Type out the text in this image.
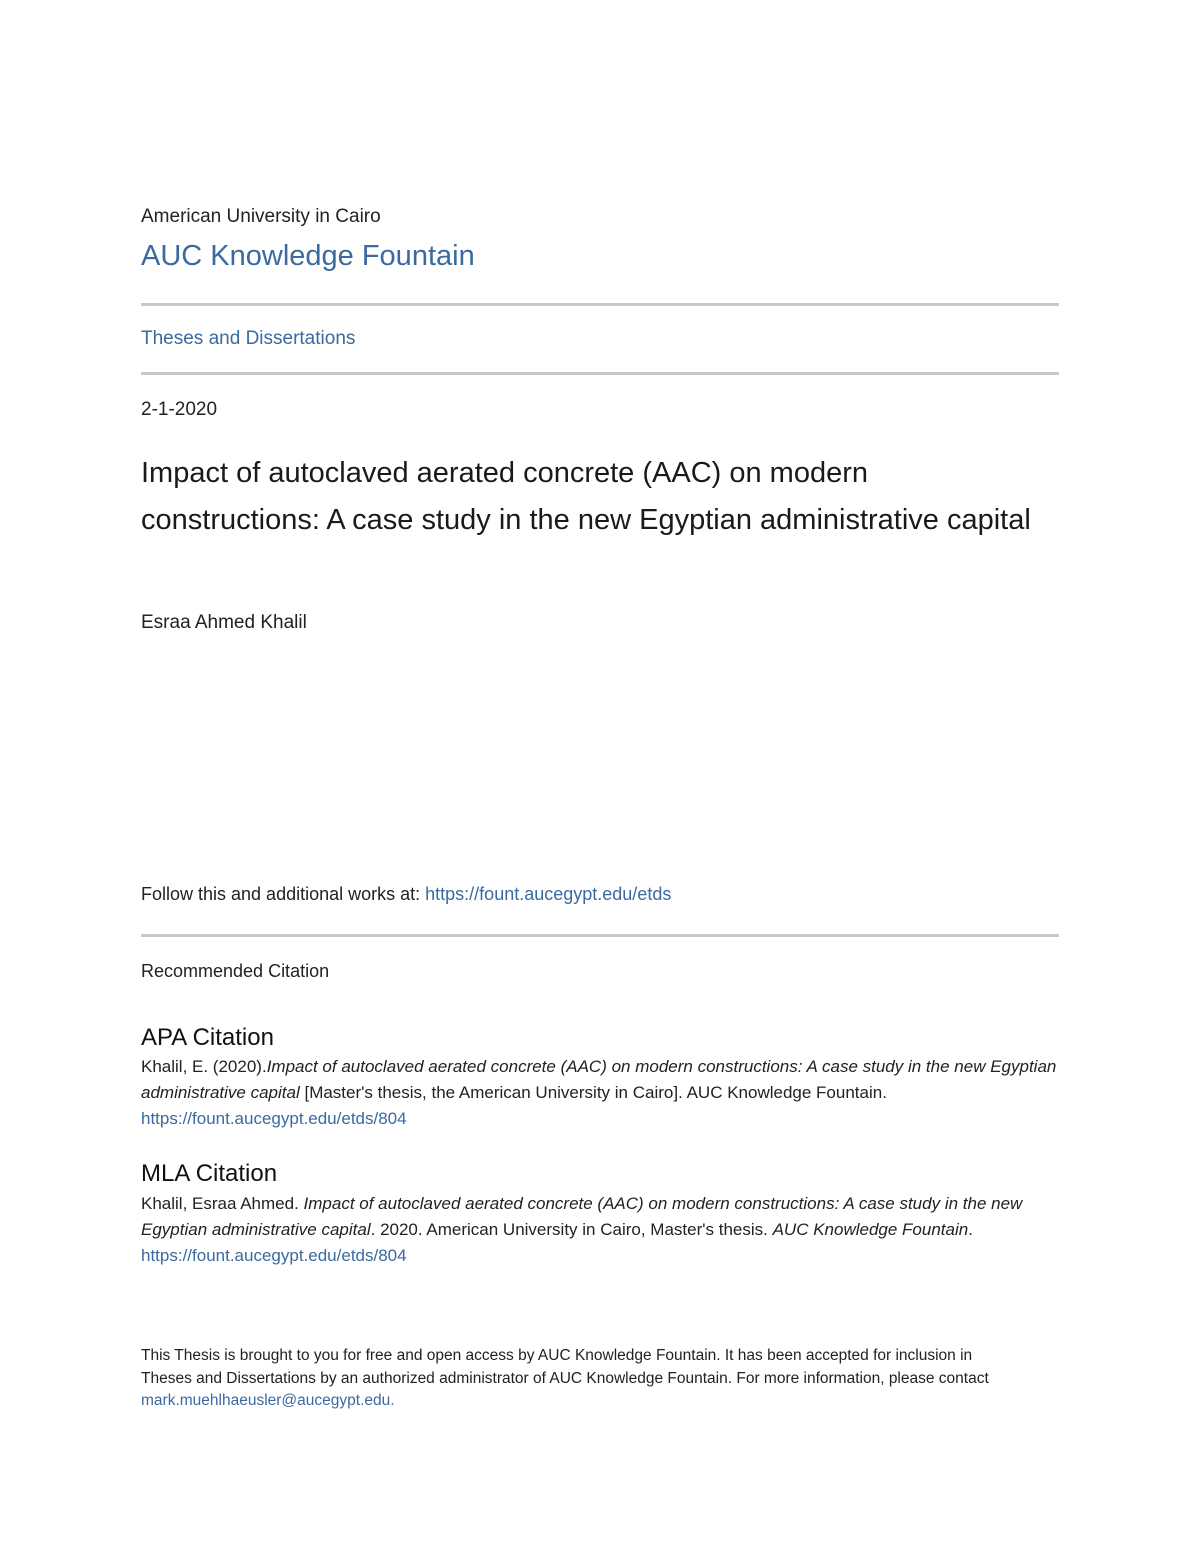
American University in Cairo
AUC Knowledge Fountain
Theses and Dissertations
2-1-2020
Impact of autoclaved aerated concrete (AAC) on modern constructions: A case study in the new Egyptian administrative capital
Esraa Ahmed Khalil
Follow this and additional works at: https://fount.aucegypt.edu/etds
Recommended Citation
APA Citation
Khalil, E. (2020).Impact of autoclaved aerated concrete (AAC) on modern constructions: A case study in the new Egyptian administrative capital [Master's thesis, the American University in Cairo]. AUC Knowledge Fountain.
https://fount.aucegypt.edu/etds/804
MLA Citation
Khalil, Esraa Ahmed. Impact of autoclaved aerated concrete (AAC) on modern constructions: A case study in the new Egyptian administrative capital. 2020. American University in Cairo, Master's thesis. AUC Knowledge Fountain.
https://fount.aucegypt.edu/etds/804
This Thesis is brought to you for free and open access by AUC Knowledge Fountain. It has been accepted for inclusion in Theses and Dissertations by an authorized administrator of AUC Knowledge Fountain. For more information, please contact mark.muehlhaeusler@aucegypt.edu.
